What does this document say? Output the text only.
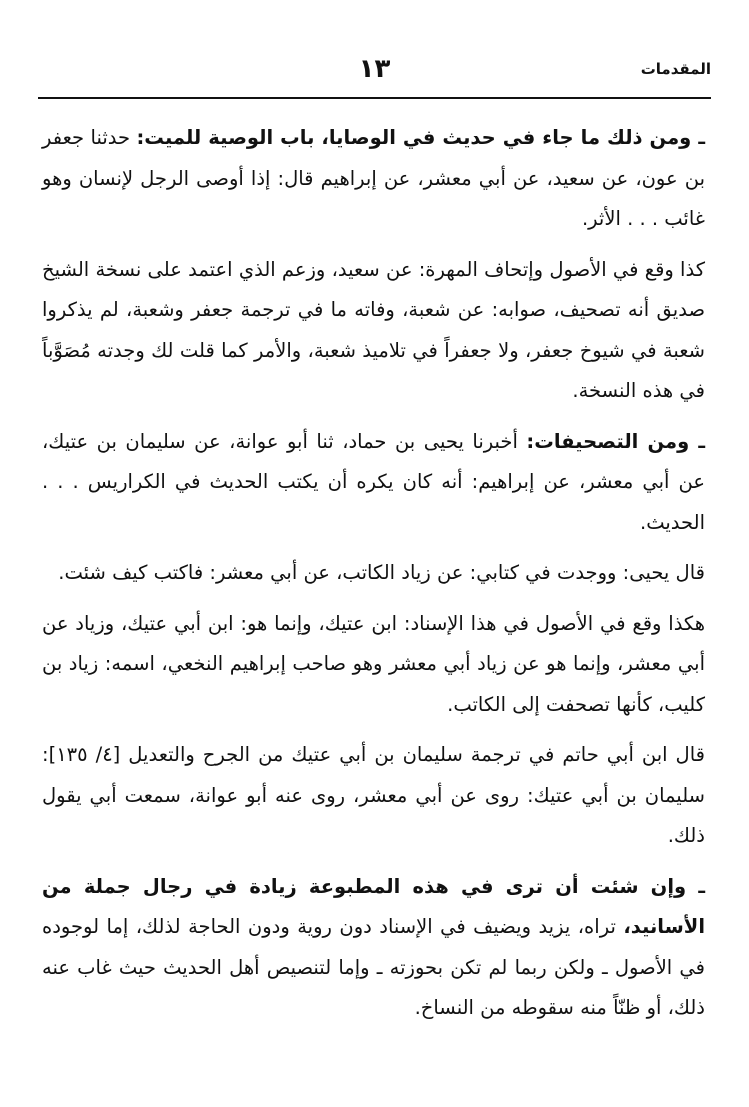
المقدمات
١٣

ـ ومن ذلك ما جاء في حديث في الوصايا، باب الوصية للميت: حدثنا جعفر بن عون، عن سعيد، عن أبي معشر، عن إبراهيم قال: إذا أوصى الرجل لإنسان وهو غائب . . . الأثر.

كذا وقع في الأصول وإتحاف المهرة: عن سعيد، وزعم الذي اعتمد على نسخة الشيخ صديق أنه تصحيف، صوابه: عن شعبة، وفاته ما في ترجمة جعفر وشعبة، لم يذكروا شعبة في شيوخ جعفر، ولا جعفراً في تلاميذ شعبة، والأمر كما قلت لك وجدته مُصَوَّباً في هذه النسخة.

ـ ومن التصحيفات: أخبرنا يحيى بن حماد، ثنا أبو عوانة، عن سليمان بن عتيك، عن أبي معشر، عن إبراهيم: أنه كان يكره أن يكتب الحديث في الكراريس . . . الحديث.

قال يحيى: ووجدت في كتابي: عن زياد الكاتب، عن أبي معشر: فاكتب كيف شئت.

هكذا وقع في الأصول في هذا الإسناد: ابن عتيك، وإنما هو: ابن أبي عتيك، وزياد عن أبي معشر، وإنما هو عن زياد أبي معشر وهو صاحب إبراهيم النخعي، اسمه: زياد بن كليب، كأنها تصحفت إلى الكاتب.

قال ابن أبي حاتم في ترجمة سليمان بن أبي عتيك من الجرح والتعديل [٤/ ١٣٥]: سليمان بن أبي عتيك: روى عن أبي معشر، روى عنه أبو عوانة، سمعت أبي يقول ذلك.

ـ وإن شئت أن ترى في هذه المطبوعة زيادة في رجال جملة من الأسانيد، تراه، يزيد ويضيف في الإسناد دون روية ودون الحاجة لذلك، إما لوجوده في الأصول ـ ولكن ربما لم تكن بحوزته ـ وإما لتنصيص أهل الحديث حيث غاب عنه ذلك، أو ظنّاً منه سقوطه من النساخ.
